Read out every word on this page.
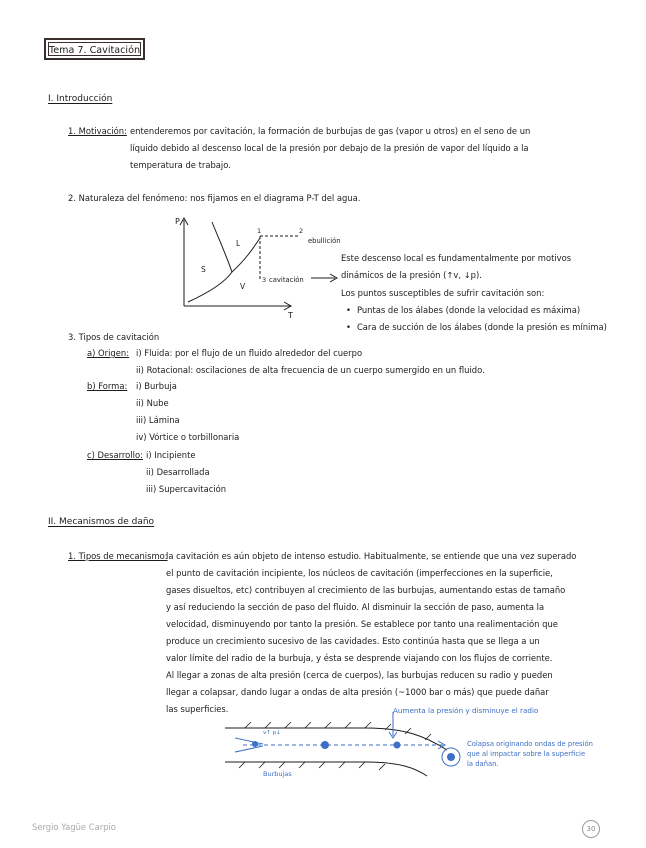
Tema 7. Cavitación
I. Introducción
1. Motivación: entenderemos por cavitación, la formación de burbujas de gas (vapor u otros) en el seno de un
líquido debido al descenso local de la presión por debajo de la presión de vapor del líquido a la
temperatura de trabajo.
2. Naturaleza del fenómeno: nos fijamos en el diagrama P-T del agua.
P
T
L
S
V
1	2
3
ebullición
cavitación
Este descenso local es fundamentalmente por motivos
dinámicos de la presión (↑v, ↓p).
Los puntos susceptibles de sufrir cavitación son:
• Puntas de los álabes (donde la velocidad es máxima)
• Cara de succión de los álabes (donde la presión es mínima)
3. Tipos de cavitación
a) Origen: i) Fluida: por el flujo de un fluido alrededor del cuerpo
ii) Rotacional: oscilaciones de alta frecuencia de un cuerpo sumergido en un fluido.
b) Forma: i) Burbuja
ii) Nube
iii) Lámina
iv) Vórtice o torbillonaria
c) Desarrollo: i) Incipiente
ii) Desarrollada
iii) Supercavitación
II. Mecanismos de daño
1. Tipos de mecanismo:
la cavitación es aún objeto de intenso estudio. Habitualmente, se entiende que una vez superado
el punto de cavitación incipiente, los núcleos de cavitación (imperfecciones en la superficie,
gases disueltos, etc) contribuyen al crecimiento de las burbujas, aumentando estas de tamaño
y así reduciendo la sección de paso del fluido. Al disminuir la sección de paso, aumenta la
velocidad, disminuyendo por tanto la presión. Se establece por tanto una realimentación que
produce un crecimiento sucesivo de las cavidades. Esto continúa hasta que se llega a un
valor límite del radio de la burbuja, y ésta se desprende viajando con los flujos de corriente.
Al llegar a zonas de alta presión (cerca de cuerpos), las burbujas reducen su radio y pueden
llegar a colapsar, dando lugar a ondas de alta presión (~1000 bar o más) que puede dañar
las superficies.
v↑ p↓
Burbujas
Aumenta la presión y disminuye el radio
Colapsa originando ondas de presión
que al impactar sobre la superficie
la dañan.
Sergio Yagüe Carpio	30
